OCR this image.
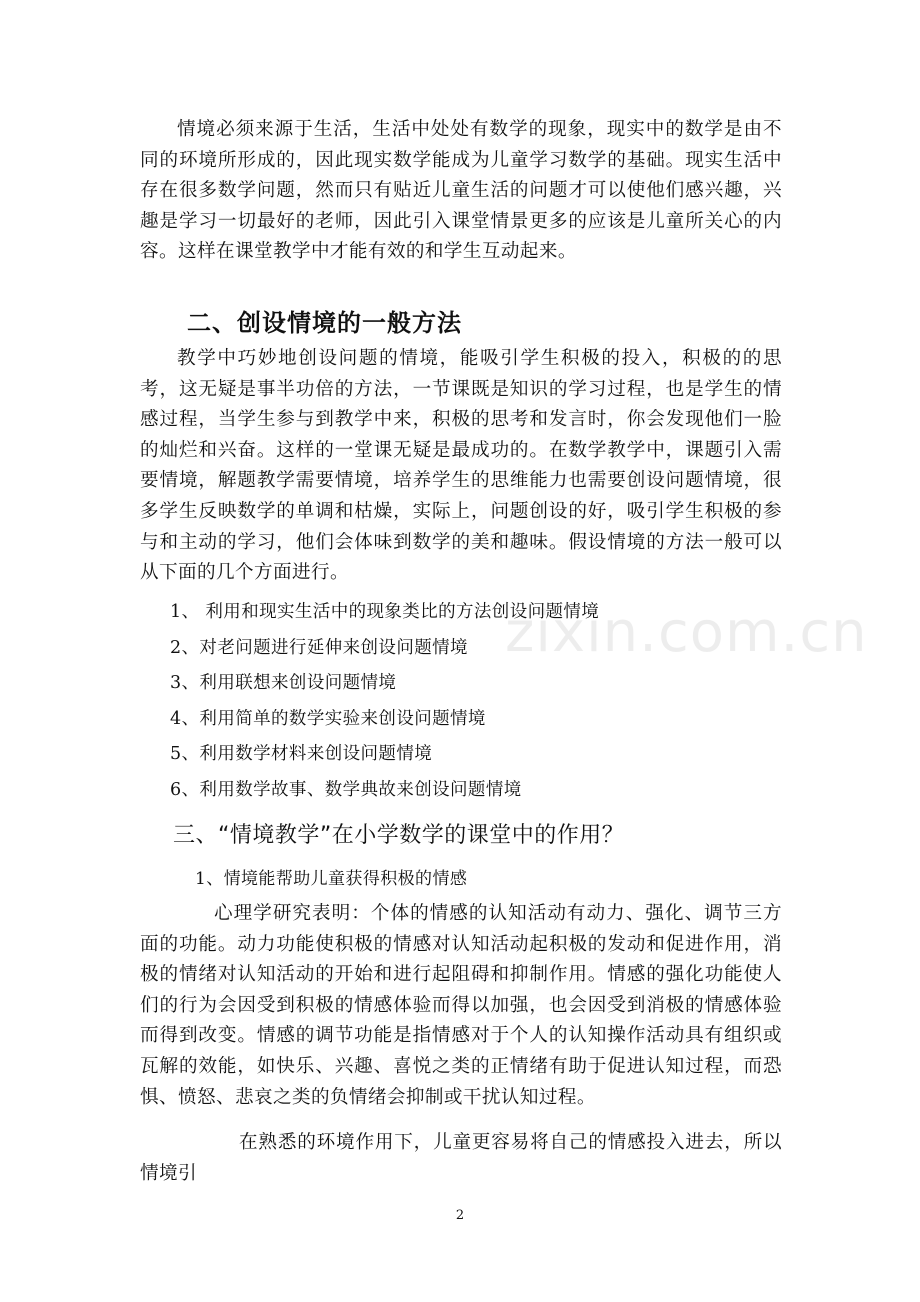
情境必须来源于生活，生活中处处有数学的现象，现实中的数学是由不同的环境所形成的，因此现实数学能成为儿童学习数学的基础。现实生活中存在很多数学问题，然而只有贴近儿童生活的问题才可以使他们感兴趣，兴趣是学习一切最好的老师，因此引入课堂情景更多的应该是儿童所关心的内容。这样在课堂教学中才能有效的和学生互动起来。

二、创设情境的一般方法

教学中巧妙地创设问题的情境，能吸引学生积极的投入，积极的的思考，这无疑是事半功倍的方法，一节课既是知识的学习过程，也是学生的情感过程，当学生参与到教学中来，积极的思考和发言时，你会发现他们一脸的灿烂和兴奋。这样的一堂课无疑是最成功的。在数学教学中，课题引入需要情境，解题教学需要情境，培养学生的思维能力也需要创设问题情境，很多学生反映数学的单调和枯燥，实际上，问题创设的好，吸引学生积极的参与和主动的学习，他们会体味到数学的美和趣味。假设情境的方法一般可以从下面的几个方面进行。

1、 利用和现实生活中的现象类比的方法创设问题情境
2、对老问题进行延伸来创设问题情境
3、利用联想来创设问题情境
4、利用简单的数学实验来创设问题情境
5、利用数学材料来创设问题情境
6、利用数学故事、数学典故来创设问题情境
三、“情境教学”在小学数学的课堂中的作用？

1、情境能帮助儿童获得积极的情感

心理学研究表明：个体的情感的认知活动有动力、强化、调节三方面的功能。动力功能使积极的情感对认知活动起积极的发动和促进作用，消极的情绪对认知活动的开始和进行起阻碍和抑制作用。情感的强化功能使人们的行为会因受到积极的情感体验而得以加强，也会因受到消极的情感体验而得到改变。情感的调节功能是指情感对于个人的认知操作活动具有组织或瓦解的效能，如快乐、兴趣、喜悦之类的正情绪有助于促进认知过程，而恐惧、愤怒、悲哀之类的负情绪会抑制或干扰认知过程。

在熟悉的环境作用下，儿童更容易将自己的情感投入进去，所以情境引

zixin.com.cn
2
